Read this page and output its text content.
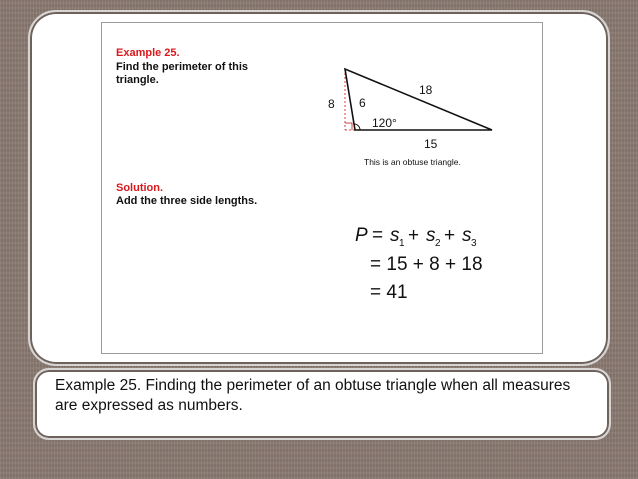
Example 25.
Find the perimeter of this
triangle.
8 6
18
120°
15
This is an obtuse triangle.
Solution.
Add the three side lengths.
P = s 1 + s 2 + s 3
= 15 + 8 + 18
= 41
Example 25. Finding the perimeter of an obtuse triangle when all measures are expressed as numbers.
